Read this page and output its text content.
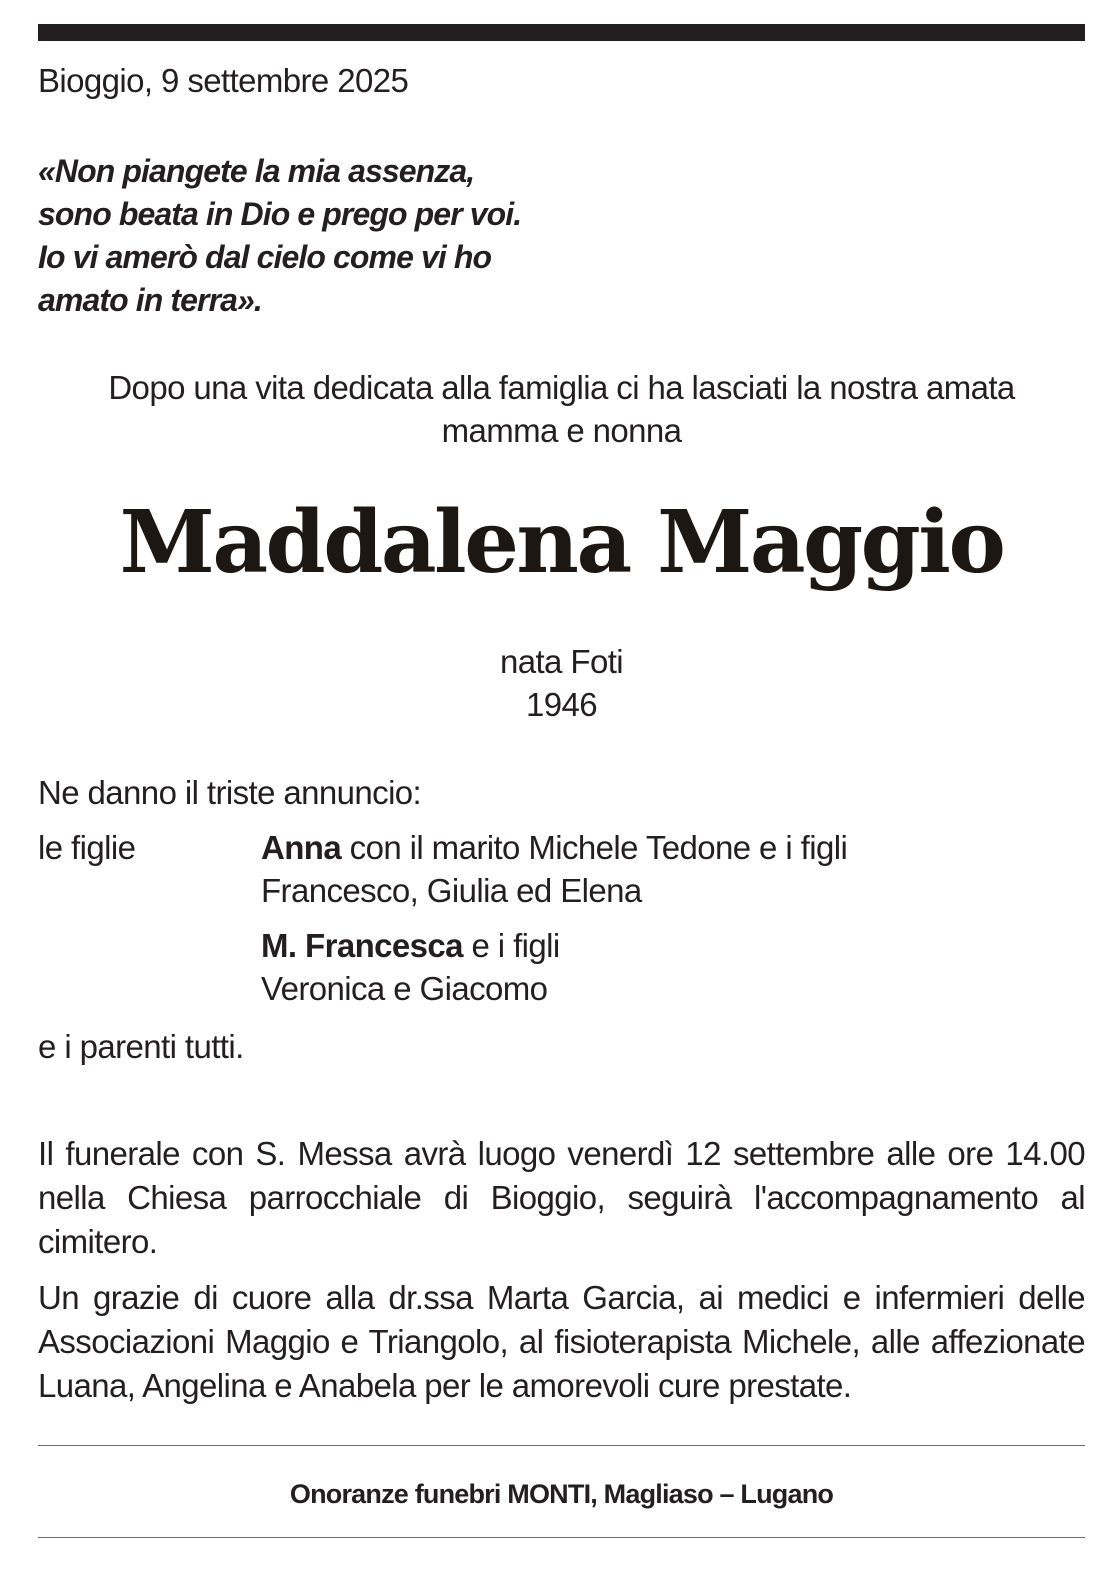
Bioggio, 9 settembre 2025
«Non piangete la mia assenza,
sono beata in Dio e prego per voi.
Io vi amerò dal cielo come vi ho
amato in terra».
Dopo una vita dedicata alla famiglia ci ha lasciati la nostra amata
mamma e nonna
Maddalena Maggio
nata Foti
1946
Ne danno il triste annuncio:
le figlie	Anna con il marito Michele Tedone e i figli
Francesco, Giulia ed Elena
M. Francesca e i figli
Veronica e Giacomo
e i parenti tutti.
Il funerale con S. Messa avrà luogo venerdì 12 settembre alle ore 14.00 nella Chiesa parrocchiale di Bioggio, seguirà l'accompagnamento al cimitero.
Un grazie di cuore alla dr.ssa Marta Garcia, ai medici e infermieri delle Associazioni Maggio e Triangolo, al fisioterapista Michele, alle affezionate Luana, Angelina e Anabela per le amorevoli cure prestate.
Onoranze funebri MONTI, Magliaso – Lugano
